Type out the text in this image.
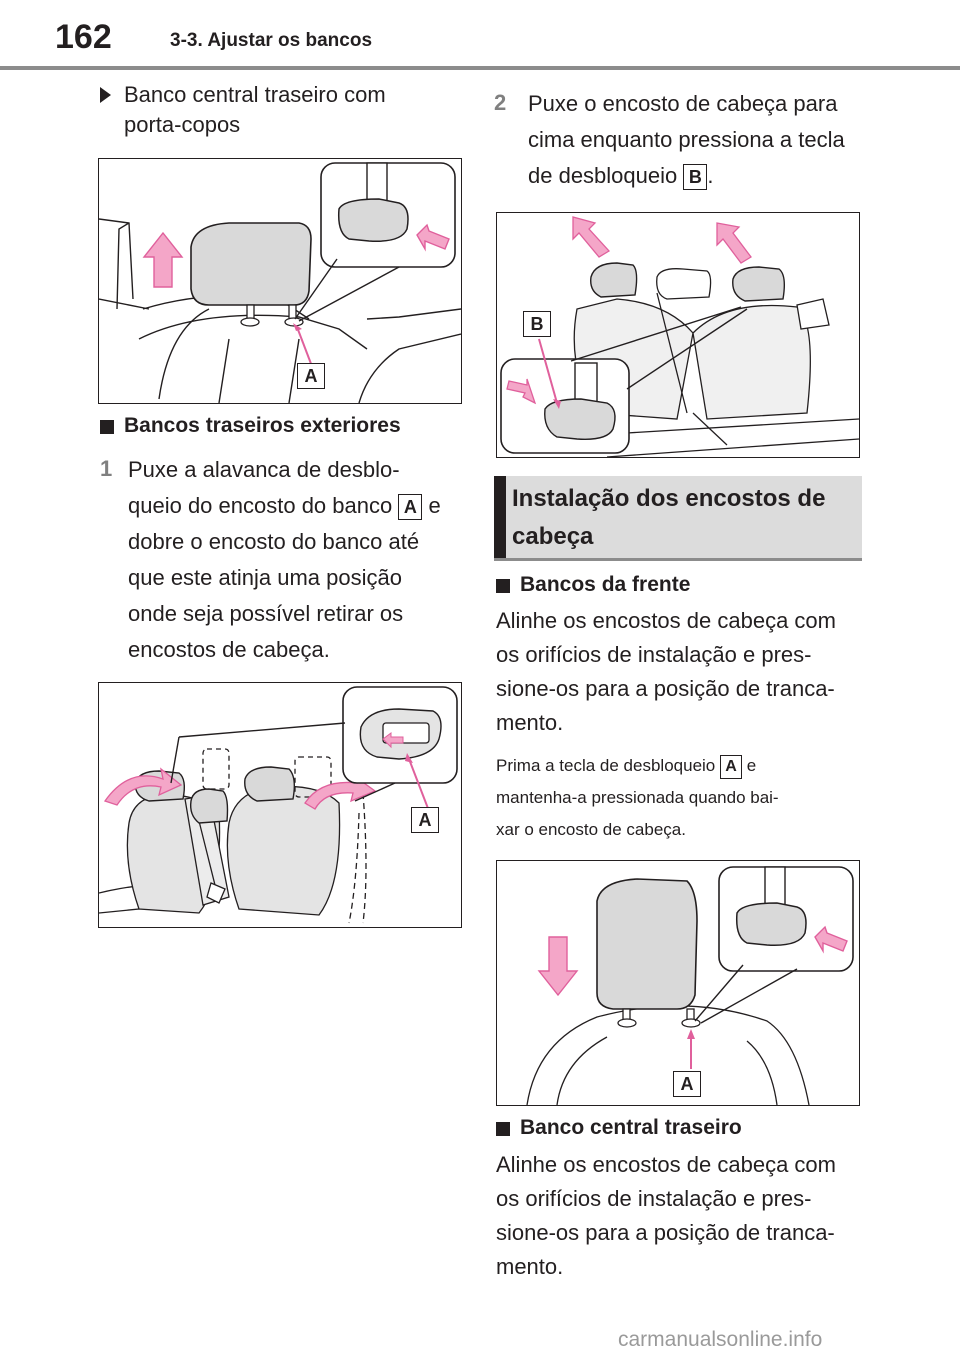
162	3-3. Ajustar os bancos
Banco central traseiro com
porta-copos
A
Bancos traseiros exteriores
1 Puxe a alavanca de desblo-
queio do encosto do banco A e
dobre o encosto do banco até
que este atinja uma posição
onde seja possível retirar os
encostos de cabeça.
A
2 Puxe o encosto de cabeça para
cima enquanto pressiona a tecla
de desbloqueio B .
B
Instalação dos encostos de
cabeça
Bancos da frente
Alinhe os encostos de cabeça com
os orifícios de instalação e pres-
sione-os para a posição de tranca-
mento.
Prima a tecla de desbloqueio A e
mantenha-a pressionada quando bai-
xar o encosto de cabeça.
A
Banco central traseiro
Alinhe os encostos de cabeça com
os orifícios de instalação e pres-
sione-os para a posição de tranca-
mento.
carmanualsonline.info
